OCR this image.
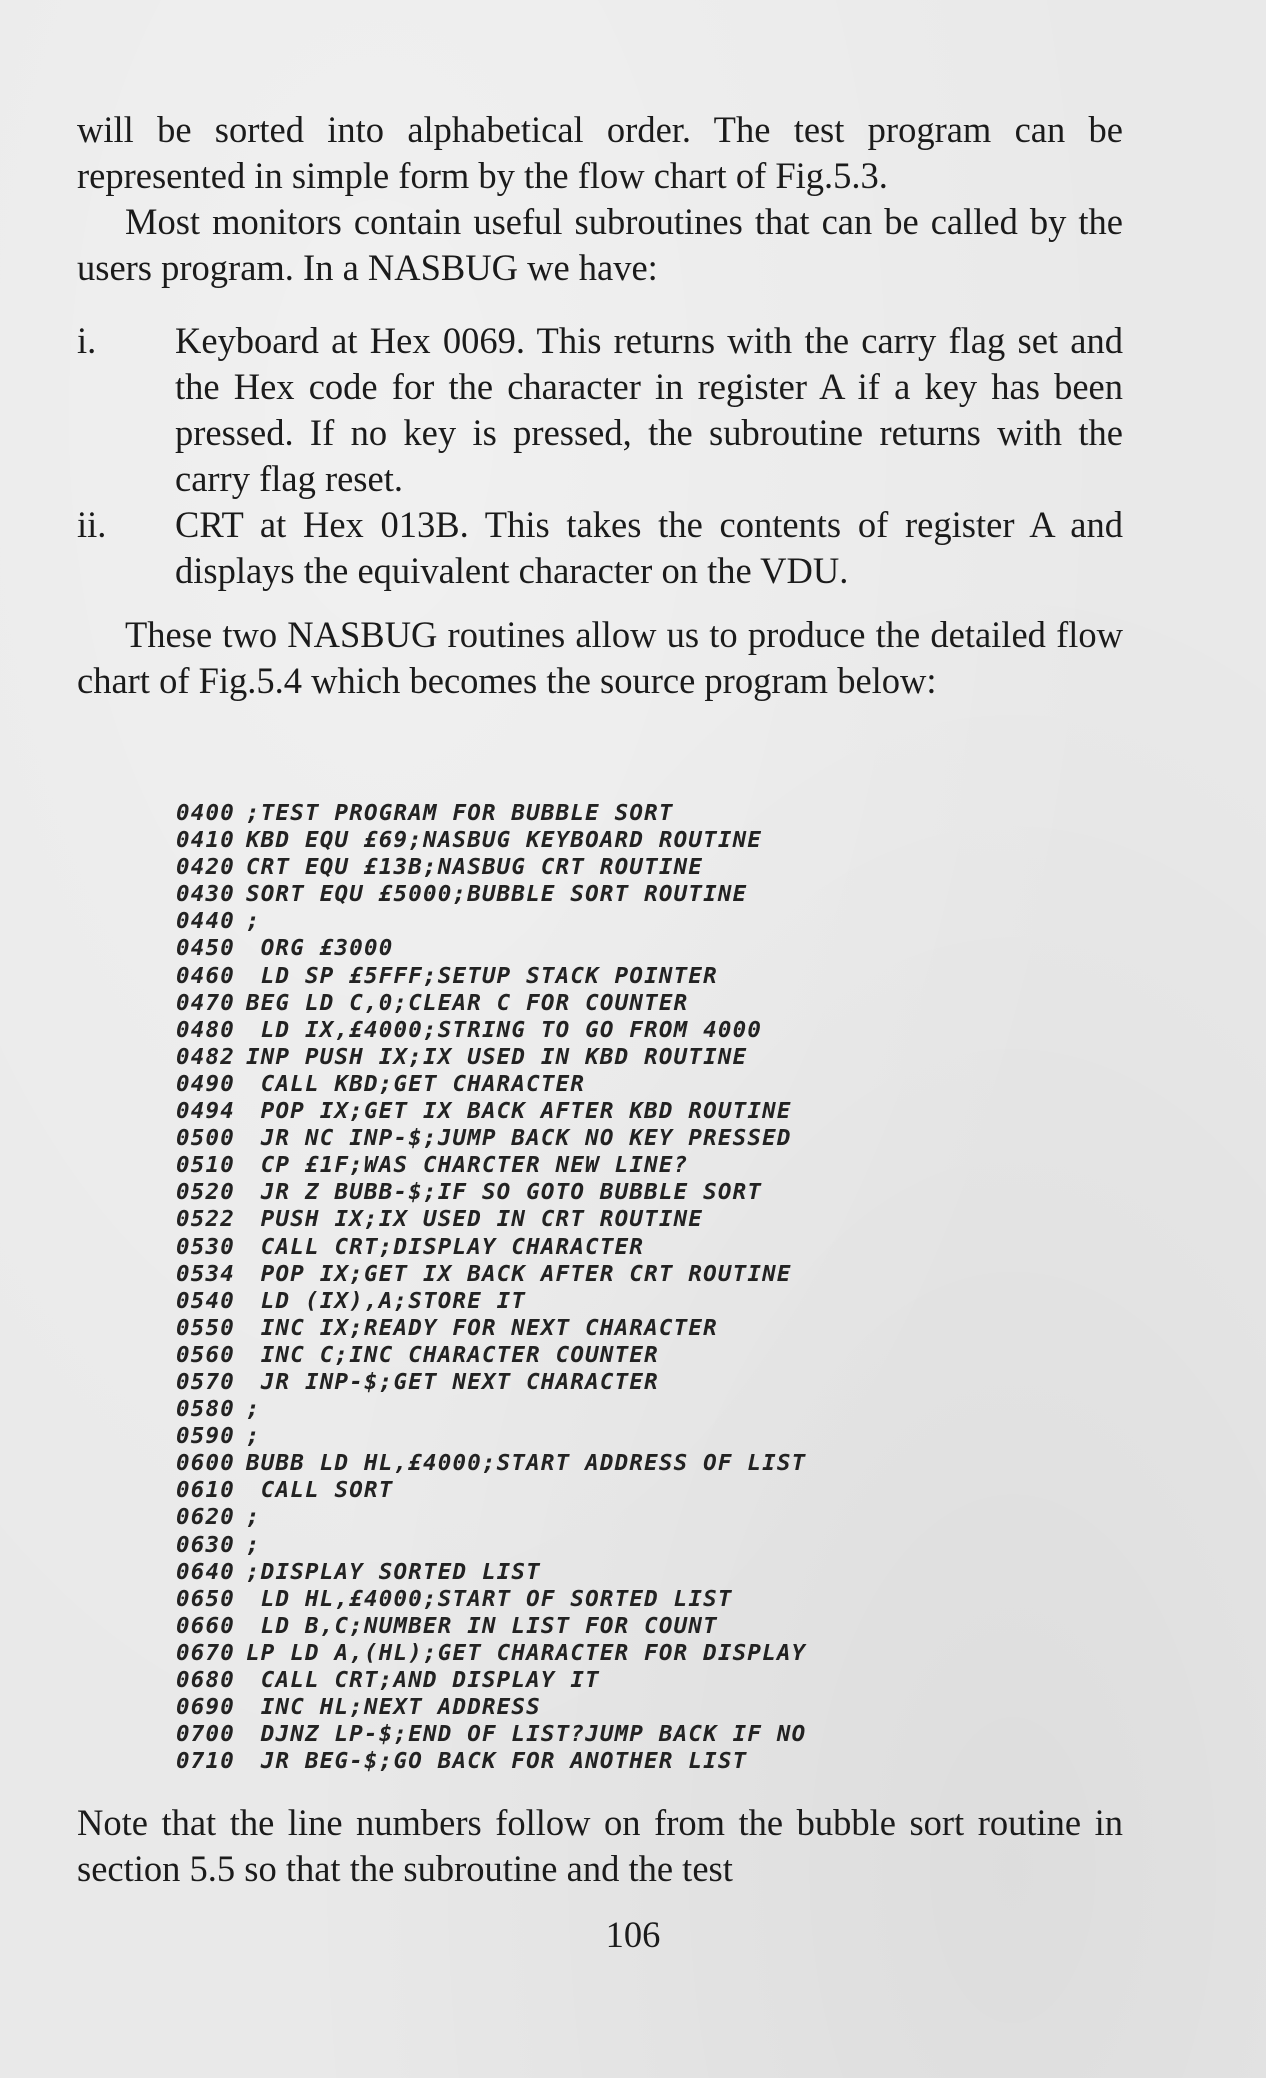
will be sorted into alphabetical order. The test program can be represented in simple form by the flow chart of Fig.5.3.

Most monitors contain useful subroutines that can be called by the users program. In a NASBUG we have:

i.	Keyboard at Hex 0069. This returns with the carry flag set and the Hex code for the character in register A if a key has been pressed. If no key is pressed, the subroutine returns with the carry flag reset.
ii.	CRT at Hex 013B. This takes the contents of register A and displays the equivalent character on the VDU.

These two NASBUG routines allow us to produce the detailed flow chart of Fig.5.4 which becomes the source program below:

0400 ;TEST PROGRAM FOR BUBBLE SORT
0410 KBD EQU £69;NASBUG KEYBOARD ROUTINE
0420 CRT EQU £13B;NASBUG CRT ROUTINE
0430 SORT EQU £5000;BUBBLE SORT ROUTINE
0440 ;
0450 ORG £3000
0460 LD SP £5FFF;SETUP STACK POINTER
0470 BEG LD C,0;CLEAR C FOR COUNTER
0480 LD IX,£4000;STRING TO GO FROM 4000
0482 INP PUSH IX;IX USED IN KBD ROUTINE
0490 CALL KBD;GET CHARACTER
0494 POP IX;GET IX BACK AFTER KBD ROUTINE
0500 JR NC INP-$;JUMP BACK NO KEY PRESSED
0510 CP £1F;WAS CHARCTER NEW LINE?
0520 JR Z BUBB-$;IF SO GOTO BUBBLE SORT
0522 PUSH IX;IX USED IN CRT ROUTINE
0530 CALL CRT;DISPLAY CHARACTER
0534 POP IX;GET IX BACK AFTER CRT ROUTINE
0540 LD (IX),A;STORE IT
0550 INC IX;READY FOR NEXT CHARACTER
0560 INC C;INC CHARACTER COUNTER
0570 JR INP-$;GET NEXT CHARACTER
0580 ;
0590 ;
0600 BUBB LD HL,£4000;START ADDRESS OF LIST
0610 CALL SORT
0620 ;
0630 ;
0640 ;DISPLAY SORTED LIST
0650 LD HL,£4000;START OF SORTED LIST
0660 LD B,C;NUMBER IN LIST FOR COUNT
0670 LP LD A,(HL);GET CHARACTER FOR DISPLAY
0680 CALL CRT;AND DISPLAY IT
0690 INC HL;NEXT ADDRESS
0700 DJNZ LP-$;END OF LIST?JUMP BACK IF NO
0710 JR BEG-$;GO BACK FOR ANOTHER LIST

Note that the line numbers follow on from the bubble sort routine in section 5.5 so that the subroutine and the test

106
